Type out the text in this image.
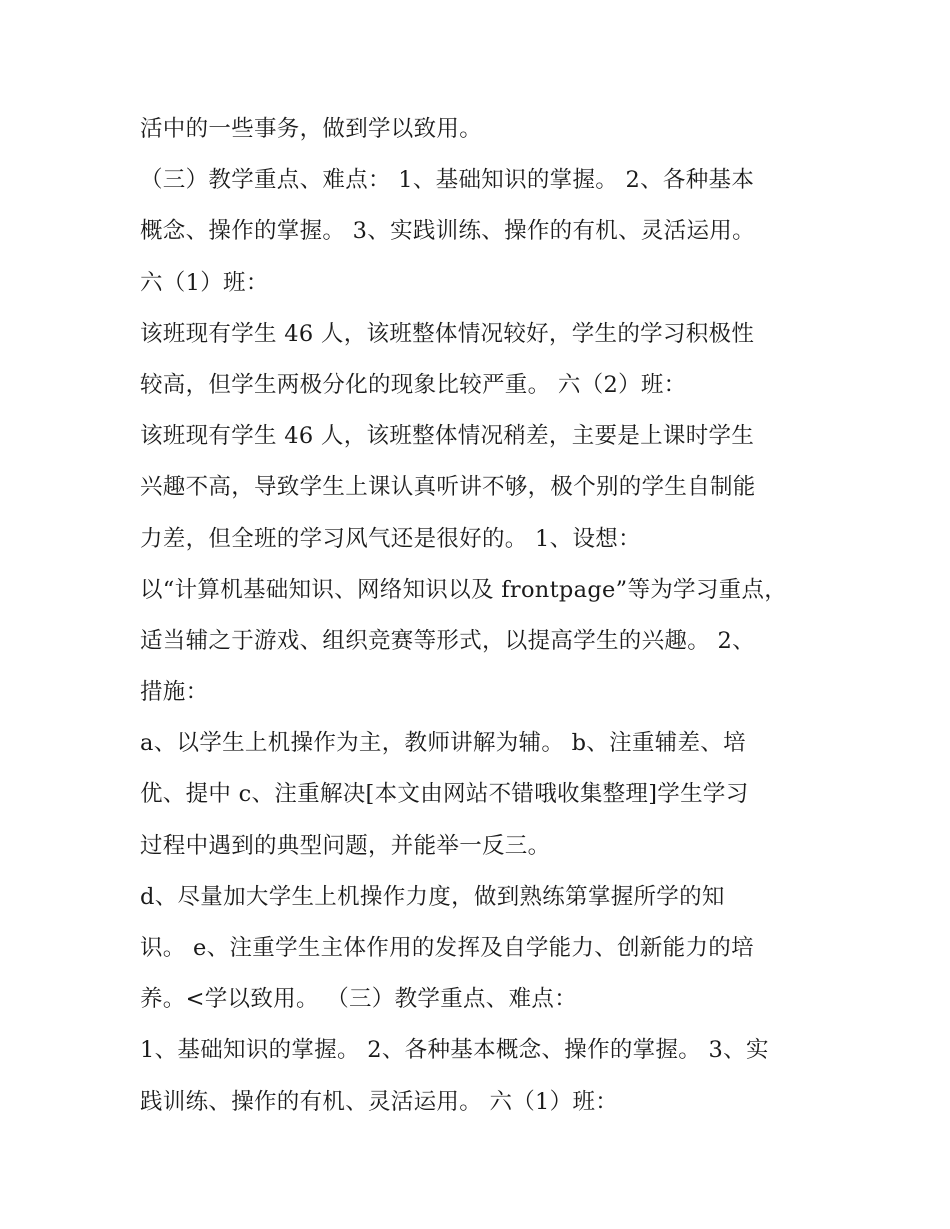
活中的一些事务，做到学以致用。
（三）教学重点、难点： 1、基础知识的掌握。 2、各种基本
概念、操作的掌握。 3、实践训练、操作的有机、灵活运用。
六（1）班：
该班现有学生 46 人，该班整体情况较好，学生的学习积极性
较高，但学生两极分化的现象比较严重。 六（2）班：
该班现有学生 46 人，该班整体情况稍差，主要是上课时学生
兴趣不高，导致学生上课认真听讲不够，极个别的学生自制能
力差，但全班的学习风气还是很好的。 1、设想：
以“计算机基础知识、网络知识以及 frontpage”等为学习重点，
适当辅之于游戏、组织竞赛等形式，以提高学生的兴趣。 2、
措施：
a、以学生上机操作为主，教师讲解为辅。 b、注重辅差、培
优、提中 c、注重解决[本文由网站不错哦收集整理]学生学习
过程中遇到的典型问题，并能举一反三。
d、尽量加大学生上机操作力度，做到熟练第掌握所学的知
识。 e、注重学生主体作用的发挥及自学能力、创新能力的培
养。<学以致用。 （三）教学重点、难点：
1、基础知识的掌握。 2、各种基本概念、操作的掌握。 3、实
践训练、操作的有机、灵活运用。 六（1）班：
